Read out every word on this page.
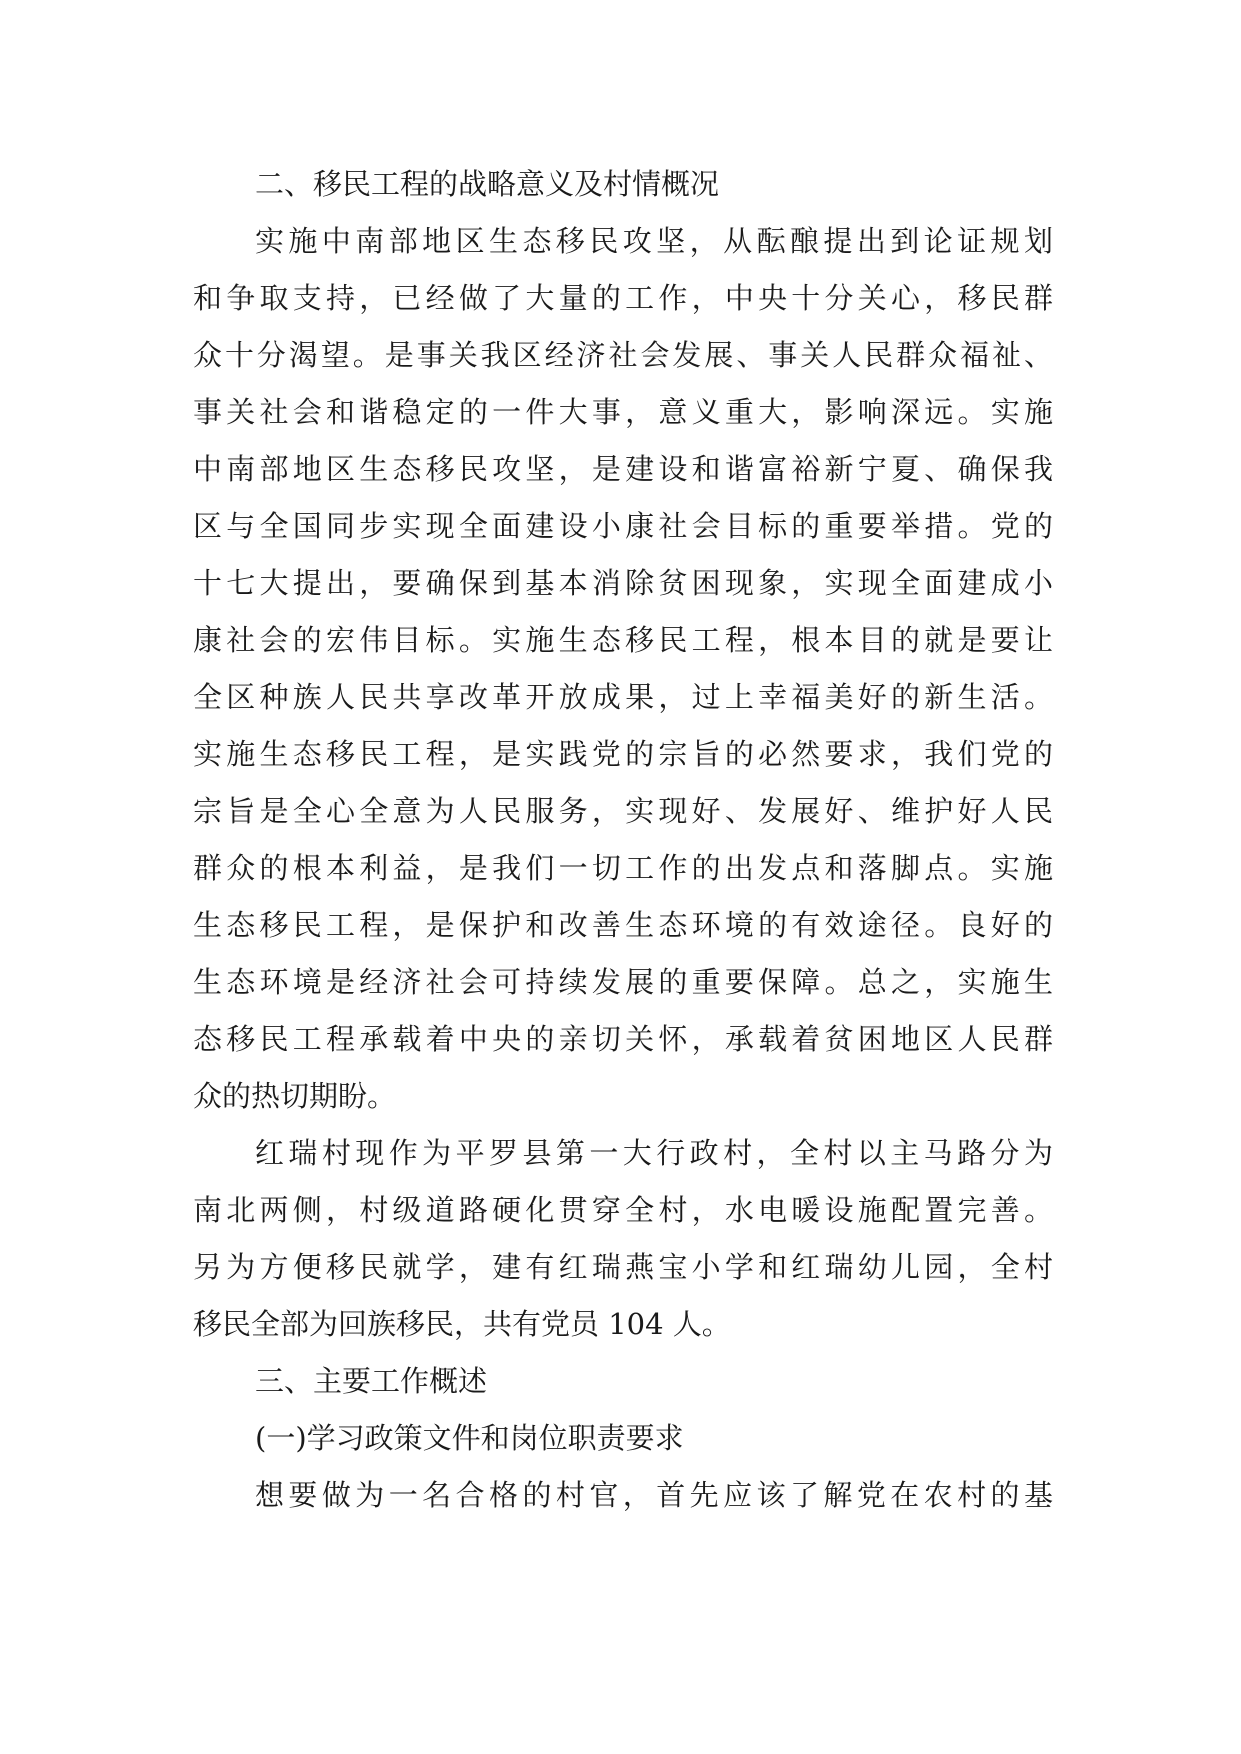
二、移民工程的战略意义及村情概况
实施中南部地区生态移民攻坚，从酝酿提出到论证规划
和争取支持，已经做了大量的工作，中央十分关心，移民群
众十分渴望。是事关我区经济社会发展、事关人民群众福祉、
事关社会和谐稳定的一件大事，意义重大，影响深远。实施
中南部地区生态移民攻坚，是建设和谐富裕新宁夏、确保我
区与全国同步实现全面建设小康社会目标的重要举措。党的
十七大提出，要确保到基本消除贫困现象，实现全面建成小
康社会的宏伟目标。实施生态移民工程，根本目的就是要让
全区种族人民共享改革开放成果，过上幸福美好的新生活。
实施生态移民工程，是实践党的宗旨的必然要求，我们党的
宗旨是全心全意为人民服务，实现好、发展好、维护好人民
群众的根本利益，是我们一切工作的出发点和落脚点。实施
生态移民工程，是保护和改善生态环境的有效途径。良好的
生态环境是经济社会可持续发展的重要保障。总之，实施生
态移民工程承载着中央的亲切关怀，承载着贫困地区人民群
众的热切期盼。
红瑞村现作为平罗县第一大行政村，全村以主马路分为
南北两侧，村级道路硬化贯穿全村，水电暖设施配置完善。
另为方便移民就学，建有红瑞燕宝小学和红瑞幼儿园，全村
移民全部为回族移民，共有党员 104 人。
三、主要工作概述
(一)学习政策文件和岗位职责要求
想要做为一名合格的村官，首先应该了解党在农村的基
